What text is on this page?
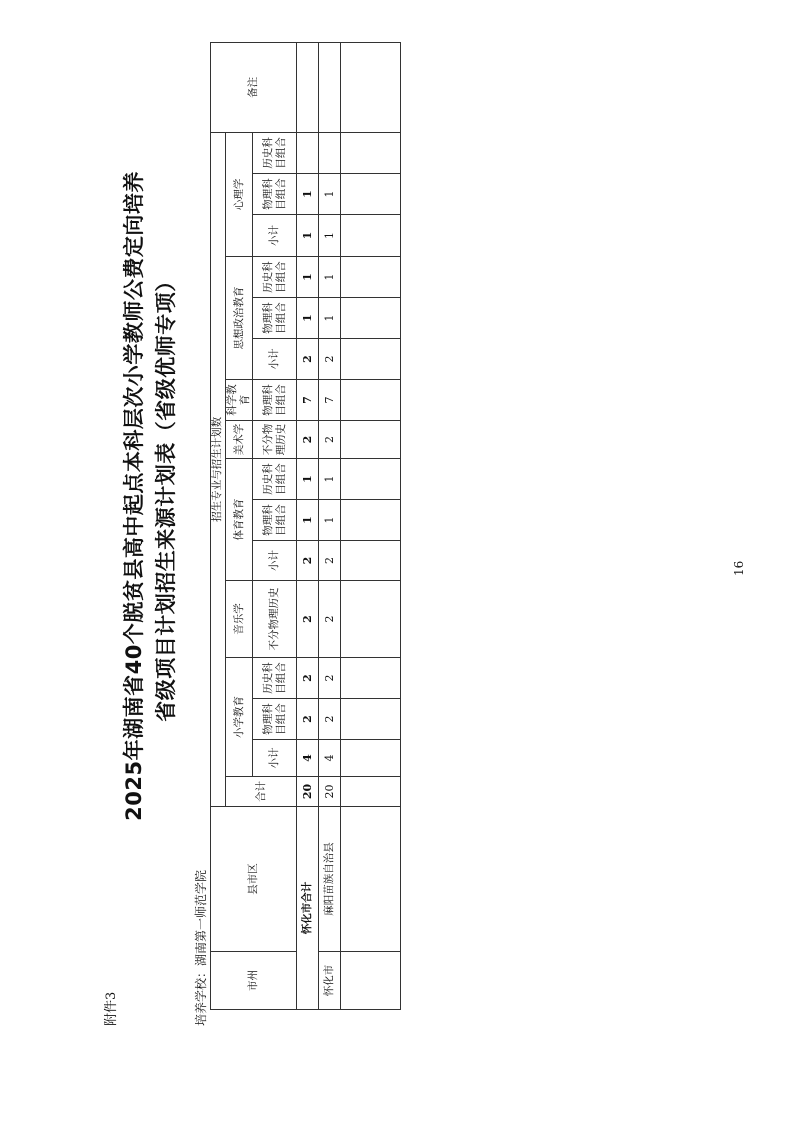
附件3
2025年湖南省40个脱贫县高中起点本科层次小学教师公费定向培养 省级项目计划招生来源计划表（省级优师专项）
培养学校：湖南第一师范学院
市州	县市区	招生专业与招生计划数																备注
		合计	小学教育			音乐学	体育教育			美术学	科学教育	思想政治教育			心理学			
			小计	物理科目组合	历史科目组合	不分物理历史	小计	物理科目组合	历史科目组合	不分物理历史	物理科目组合	小计	物理科目组合	历史科目组合	小计	物理科目组合	历史科目组合	
怀化市合计		20	4	2	2	2	2	1	1	2	7	2	1	1	1	1		
怀化市	麻阳苗族自治县	20	4	2	2	2	2	1	1	2	7	2	1	1	1	1		

16
